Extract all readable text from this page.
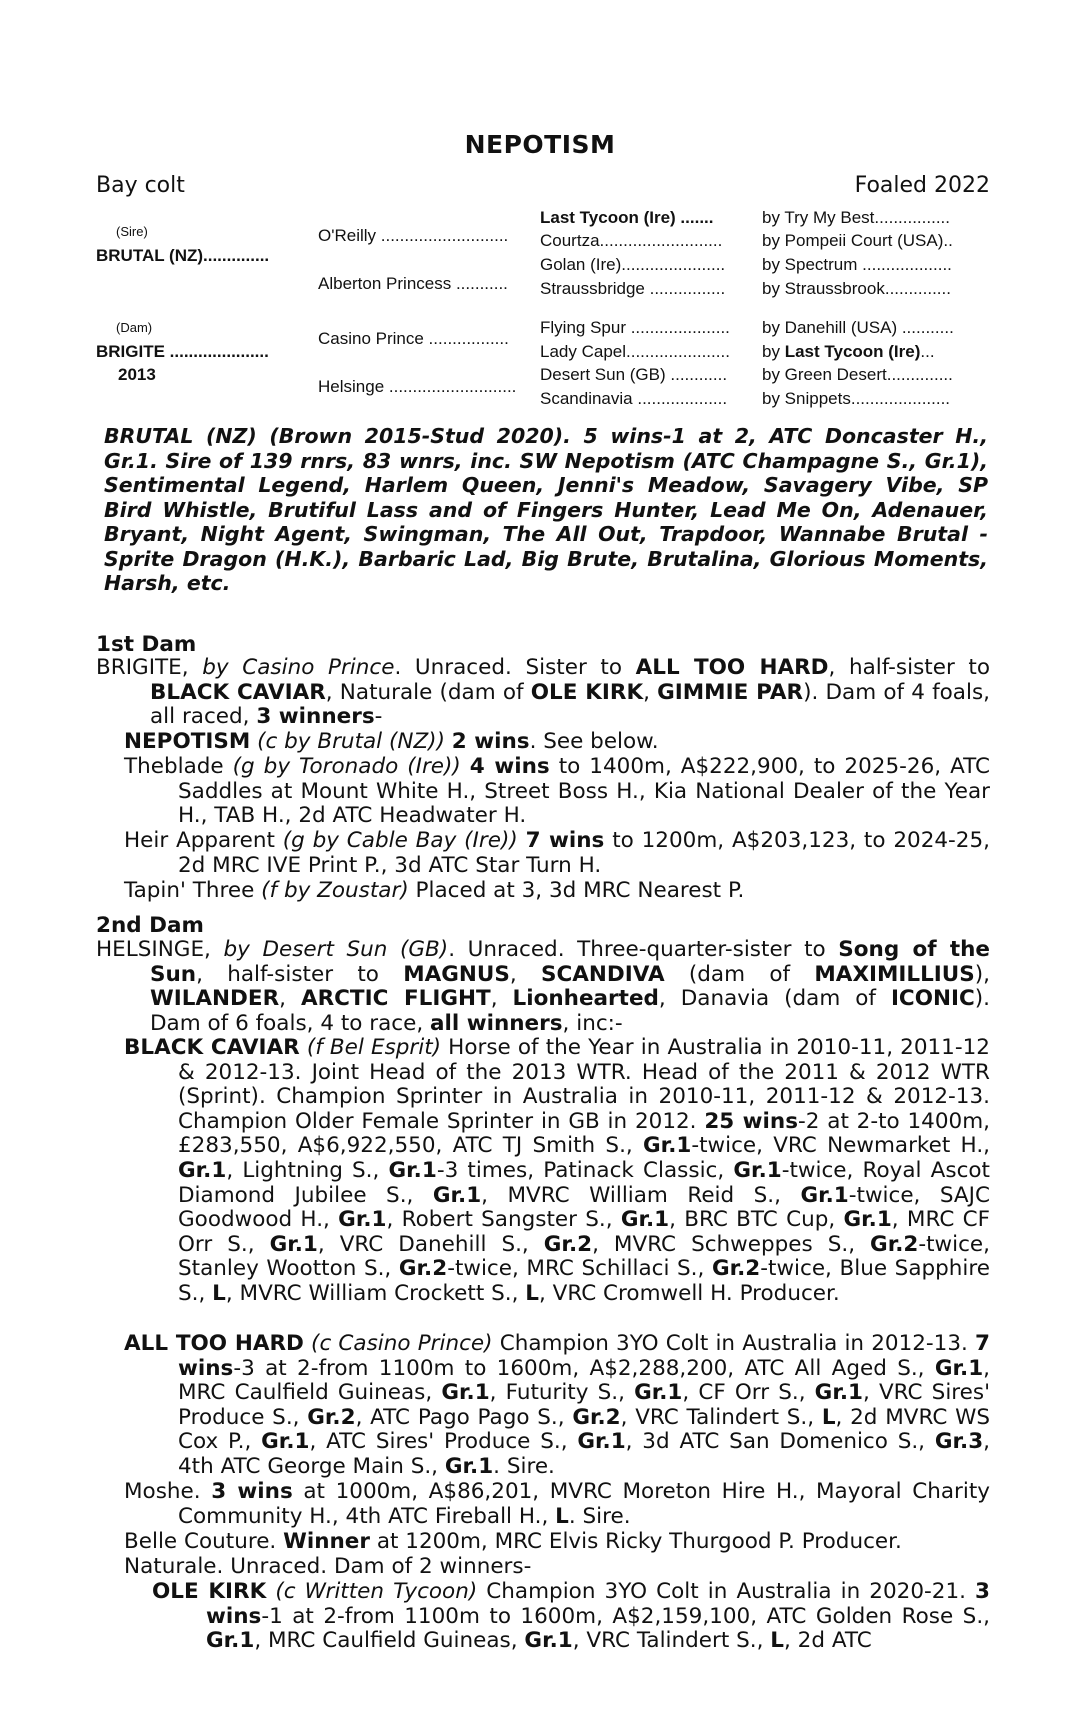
NEPOTISM
Bay colt	Foaled 2022
(Sire)
BRUTAL (NZ)..............
(Dam)
BRIGITE .....................
2013
O'Reilly ...........................
Alberton Princess ...........
Casino Prince .................
Helsinge ...........................
Last Tycoon (Ire) .......
Courtza..........................
Golan (Ire)......................
Straussbridge ................
Flying Spur .....................
Lady Capel......................
Desert Sun (GB) ............
Scandinavia ...................
by Try My Best................
by Pompeii Court (USA)..
by Spectrum ...................
by Straussbrook..............
by Danehill (USA) ...........
by Last Tycoon (Ire)...
by Green Desert..............
by Snippets.....................
BRUTAL (NZ) (Brown 2015-Stud 2020). 5 wins-1 at 2, ATC Doncaster H., Gr.1. Sire of 139 rnrs, 83 wnrs, inc. SW Nepotism (ATC Champagne S., Gr.1), Sentimental Legend, Harlem Queen, Jenni's Meadow, Savagery Vibe, SP Bird Whistle, Brutiful Lass and of Fingers Hunter, Lead Me On, Adenauer, Bryant, Night Agent, Swingman, The All Out, Trapdoor, Wannabe Brutal - Sprite Dragon (H.K.), Barbaric Lad, Big Brute, Brutalina, Glorious Moments, Harsh, etc.
1st Dam
BRIGITE, by Casino Prince. Unraced. Sister to ALL TOO HARD, half-sister to BLACK CAVIAR, Naturale (dam of OLE KIRK, GIMMIE PAR). Dam of 4 foals, all raced, 3 winners-
NEPOTISM (c by Brutal (NZ)) 2 wins. See below.
Theblade (g by Toronado (Ire)) 4 wins to 1400m, A$222,900, to 2025-26, ATC Saddles at Mount White H., Street Boss H., Kia National Dealer of the Year H., TAB H., 2d ATC Headwater H.
Heir Apparent (g by Cable Bay (Ire)) 7 wins to 1200m, A$203,123, to 2024-25, 2d MRC IVE Print P., 3d ATC Star Turn H.
Tapin' Three (f by Zoustar) Placed at 3, 3d MRC Nearest P.
2nd Dam
HELSINGE, by Desert Sun (GB). Unraced. Three-quarter-sister to Song of the Sun, half-sister to MAGNUS, SCANDIVA (dam of MAXIMILLIUS), WILANDER, ARCTIC FLIGHT, Lionhearted, Danavia (dam of ICONIC). Dam of 6 foals, 4 to race, all winners, inc:-
BLACK CAVIAR (f Bel Esprit) Horse of the Year in Australia in 2010-11, 2011-12 & 2012-13. Joint Head of the 2013 WTR. Head of the 2011 & 2012 WTR (Sprint). Champion Sprinter in Australia in 2010-11, 2011-12 & 2012-13. Champion Older Female Sprinter in GB in 2012. 25 wins-2 at 2-to 1400m, £283,550, A$6,922,550, ATC TJ Smith S., Gr.1-twice, VRC Newmarket H., Gr.1, Lightning S., Gr.1-3 times, Patinack Classic, Gr.1-twice, Royal Ascot Diamond Jubilee S., Gr.1, MVRC William Reid S., Gr.1-twice, SAJC Goodwood H., Gr.1, Robert Sangster S., Gr.1, BRC BTC Cup, Gr.1, MRC CF Orr S., Gr.1, VRC Danehill S., Gr.2, MVRC Schweppes S., Gr.2-twice, Stanley Wootton S., Gr.2-twice, MRC Schillaci S., Gr.2-twice, Blue Sapphire S., L, MVRC William Crockett S., L, VRC Cromwell H. Producer.
ALL TOO HARD (c Casino Prince) Champion 3YO Colt in Australia in 2012-13. 7 wins-3 at 2-from 1100m to 1600m, A$2,288,200, ATC All Aged S., Gr.1, MRC Caulfield Guineas, Gr.1, Futurity S., Gr.1, CF Orr S., Gr.1, VRC Sires' Produce S., Gr.2, ATC Pago Pago S., Gr.2, VRC Talindert S., L, 2d MVRC WS Cox P., Gr.1, ATC Sires' Produce S., Gr.1, 3d ATC San Domenico S., Gr.3, 4th ATC George Main S., Gr.1. Sire.
Moshe. 3 wins at 1000m, A$86,201, MVRC Moreton Hire H., Mayoral Charity Community H., 4th ATC Fireball H., L. Sire.
Belle Couture. Winner at 1200m, MRC Elvis Ricky Thurgood P. Producer.
Naturale. Unraced. Dam of 2 winners-
OLE KIRK (c Written Tycoon) Champion 3YO Colt in Australia in 2020-21. 3 wins-1 at 2-from 1100m to 1600m, A$2,159,100, ATC Golden Rose S., Gr.1, MRC Caulfield Guineas, Gr.1, VRC Talindert S., L, 2d ATC
